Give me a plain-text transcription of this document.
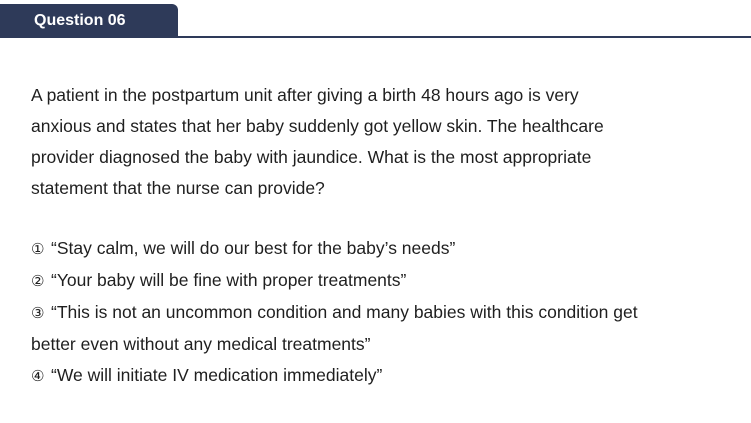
Question 06

A patient in the postpartum unit after giving a birth 48 hours ago is very anxious and states that her baby suddenly got yellow skin. The healthcare provider diagnosed the baby with jaundice. What is the most appropriate statement that the nurse can provide?

① “Stay calm, we will do our best for the baby’s needs”
② “Your baby will be fine with proper treatments”
③ “This is not an uncommon condition and many babies with this condition get better even without any medical treatments”
④ “We will initiate IV medication immediately”
